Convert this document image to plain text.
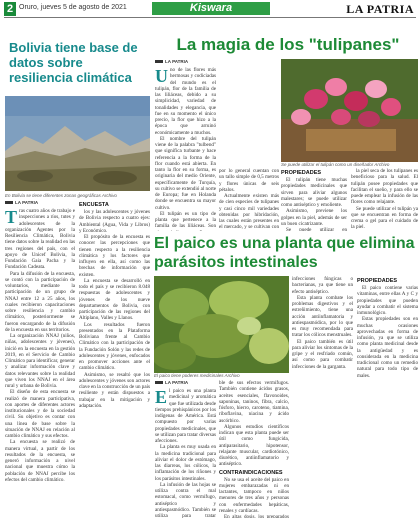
2 Oruro, jueves 5 de agosto de 2021	Kiswara	LA PATRIA
Bolivia tiene base de datos sobre resiliencia climática
En Bolivia se tiene diferentes zonas geográficas Archivo
LA PATRIA
T ras cuatro años de trabajo e inspecciones a ríos, tutes y adolescentes de la organización Agentes por la Resiliencia Climática, Bolivia tiene datos sobre la realidad en las tres regiones del país, con el apoyo de Unicef Bolivia, la Fundación Gaia Pacha y la Fundación Cadeata.

Para la difusión de la encuesta, se contó con la participación de voluntarios, mediante la participación de un grupo de NNAJ entre 12 a 25 años, los cuales recibieron capacitaciones sobre resiliencia y cambio climático, posteriormente se fueron encargando de la difusión de la encuesta en sus territorios.

La organización NNAJ (niños, niñas, adolescentes y jóvenes), inició en la encuesta en la gestión 2019, en el Servicio de Cambio Climático para identificar, generar y analizar información clave y datos relevantes sobre la realidad que viven los NNAJ en el área rural y urbana de Bolivia.

El diseño de esta encuesta se realizó de manera participativa, con aportes de diferentes actores institucionales y de la sociedad civil. Su objetivo es contar con una línea de base sobre la situación de NNAJ en relación al cambio climático y sus efectos.

La encuesta se realizó de manera virtual, a partir de los resultados de la encuesta, se generó información a nivel nacional que muestra cómo la población de NNAJ percibe los efectos del cambio climático.

ENCUESTA

los y las adolescentes y jóvenes de Bolivia respecto a cuatro ejes: Ambiental (Agua, Vida y Libros) y Económico.

El propósito de la encuesta es conocer las percepciones que tienen respecto a la resiliencia climática y los factores que influyen en ella, así como las brechas de información que existen.

La encuesta se desarrolló en todo el país y se recibieron 8.048 respuestas de adolescentes y jóvenes de los nueve departamentos de Bolivia, con participación de las regiones del Altiplano, Valles y Llanos.

Los resultados fueron presentados en la Plataforma Boliviana frente al Cambio Climático con la participación de la Fundación Solón y las redes de adolescentes y jóvenes, enfocados en promover acciones ante el cambio climático.

Asimismo, se resaltó que los adolescentes y jóvenes son actores clave en la construcción de un país resiliente y están dispuestos a trabajar en la mitigación y adaptación.

La magia de los "tulipanes"
LA PATRIA
U no de las flores más hermosas y codiciadas del mundo es el tulipán, flor de la familia de las liliáceas, debido a su simplicidad, variedad de tonalidades y elegancia, que fue en su momento el único precio, la flor que hizo a la época que arruinó económicamente a muchos.

El nombre del tulipán viene de la palabra "tulbend" que significa turbante y hace referencia a la forma de la flor cuando está abierta. En tanto la flor en su forma, es originaria del medio Oriente, específicamente de Turquía, su cultivo se extendió al norte de Europa; fue en Holanda donde se encuentra su mayor cultivo.

El tulipán es un tipo de planta que pertenece a la familia de las liliáceas. Son

por lo general cuentan con un tallo simple de 0,5 metros y flores únicas de seis pétalos.

Actualmente existen más de cien especies de tulipanes y casi cinco mil variedades obtenidas por hibridación, las cuales están presentes en el mercado, y se cultivan con

Se puede utilizar el tulipán como un diseñador Archivo
PROPIEDADES

El tulipán tiene muchas propiedades medicinales que sirven para aliviar algunos malestares; se puede utilizar como antiséptico y emoliente.

Asimismo, previene los golpes en la piel, además de ser un buen cicatrizante.

Se puede utilizar en

la piel seca de los tulipanes es beneficioso para la salud. El tulipán posee propiedades que facilitan el sueño, y para ello se puede emplear la infusión de las flores como relajante.

Se puede utilizar el tulipán ya que se encuentran en forma de crema o gel para el cuidado de la piel.

El paico es una planta que elimina parásitos intestinales
LA PATRIA
E l paico es una planta medicinal y aromática que fue utilizada desde tiempos prehispánicos por los indígenas de América. Está compuesto por varias propiedades medicinales, que se utilizan para tratar diversas afecciones.

La planta es muy usada en la medicina tradicional para aliviar el dolor de estómago, las diarreas, los cólicos, la inflamación de los riñones y los parásitos intestinales.

La infusión de las hojas se utiliza contra el mal estomacal, como vermífugo, antiséptico y antiespasmódico. También se utiliza para tratar

El paico tiene poderes medicinales Archivo

ble de sus efectos vermífugos. También contiene ácidos grasos, aceites esenciales, flavonoides, saponinas, taninos, fibra, calcio, fósforo, hierro, caroteno, tiamina, riboflavina, niacina y ácido ascórbico.

Algunos estudios científicos indican que esta planta puede ser útil como fungicida, antiparasitario, hipotensor, relajante muscular, cardiotónico, diurético, antiinflamatorio y antiséptico.

CONTRAINDICACIONES

No se usa el aceite del paico en mujeres embarazadas ni en lactantes, tampoco en niños menores de tres años y personas con enfermedades hepáticas, renales y cardíacas.

En altas dosis, los preparados

infecciones fúngicas o bacterianas, ya que tiene un efecto antiséptico.

Esta planta combate los problemas digestivos y el estreñimiento, tiene una acción antiinflamatoria y antiespasmódica, por lo que es muy recomendada para tratar los cólicos menstruales.

El paico también es útil para aliviar los síntomas de la gripe y el resfriado común, así como para combatir infecciones de la garganta.

PROPIEDADES

El paico contiene varias vitaminas, entre ellas A y C y propiedades que pueden ayudar a combatir el sistema inmunológico.

Estas propiedades son en muchas ocasiones aprovechadas en forma de infusión, ya que se utiliza como planta medicinal desde la antigüedad y es considerada en la medicina tradicional como un remedio natural para todo tipo de males.
